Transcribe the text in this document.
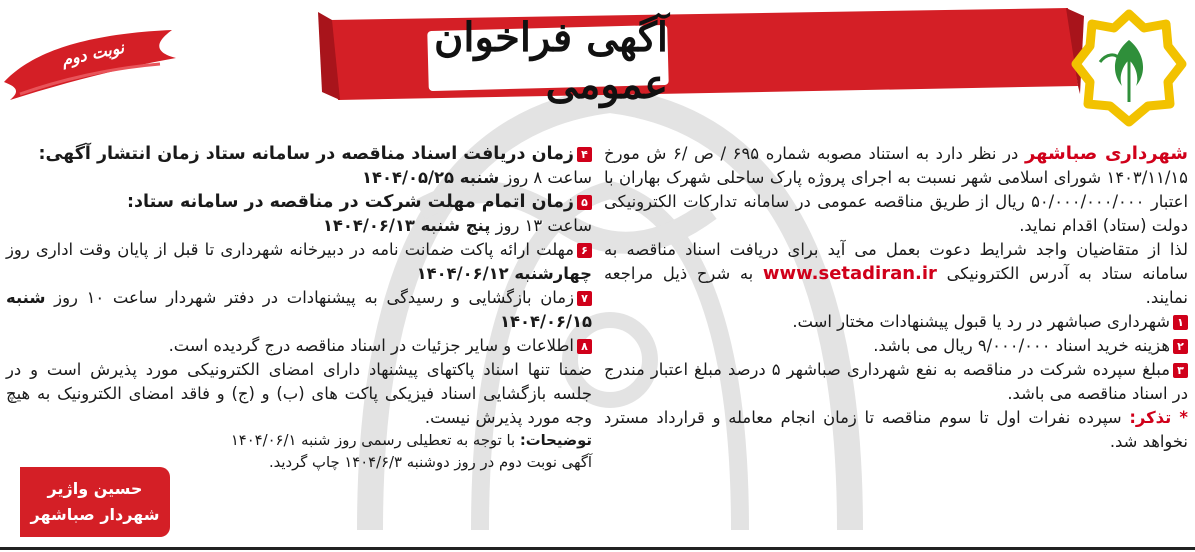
آگهی فراخوان عمومی
نوبت دوم

شهرداری صباشهر در نظر دارد به استناد مصوبه شماره ۶۹۵ / ص /۶ ش مورخ ۱۴۰۳/۱۱/۱۵ شورای اسلامی شهر نسبت به اجرای پروژه پارک ساحلی شهرک بهاران با اعتبار ۵۰/۰۰۰/۰۰۰/۰۰۰ ریال از طریق مناقصه عمومی در سامانه تدارکات الکترونیکی دولت (ستاد) اقدام نماید.

لذا از متقاضیان واجد شرایط دعوت بعمل می آید برای دریافت اسناد مناقصه به سامانه ستاد به آدرس الکترونیکی www.setadiran.ir به شرح ذیل مراجعه نمایند.

۱شهرداری صباشهر در رد یا قبول پیشنهادات مختار است.

۲هزینه خرید اسناد ۹/۰۰۰/۰۰۰ ریال می باشد.

۳مبلغ سپرده شرکت در مناقصه به نفع شهرداری صباشهر ۵ درصد مبلغ اعتبار مندرج در اسناد مناقصه می باشد.

* تذکر: سپرده نفرات اول تا سوم مناقصه تا زمان انجام معامله و قرارداد مسترد نخواهد شد.

۴زمان دریافت اسناد مناقصه در سامانه ستاد زمان انتشار آگهی:

ساعت ۸ روز شنبه ۱۴۰۴/۰۵/۲۵

۵زمان اتمام مهلت شرکت در مناقصه در سامانه ستاد:

ساعت ۱۳ روز پنج شنبه ۱۴۰۴/۰۶/۱۳

۶مهلت ارائه پاکت ضمانت نامه در دبیرخانه شهرداری تا قبل از پایان وقت اداری روز چهارشنبه ۱۴۰۴/۰۶/۱۲

۷زمان بازگشایی و رسیدگی به پیشنهادات در دفتر شهردار ساعت ۱۰ روز شنبه ۱۴۰۴/۰۶/۱۵

۸اطلاعات و سایر جزئیات در اسناد مناقصه درج گردیده است.

ضمنا تنها اسناد پاکتهای پیشنهاد دارای امضای الکترونیکی مورد پذیرش است و در جلسه بازگشایی اسناد فیزیکی پاکت های (ب) و (ج) و فاقد امضای الکترونیک به هیچ وجه مورد پذیرش نیست.

توضیحات: با توجه به تعطیلی رسمی روز شنبه ۱۴۰۴/۰۶/۱

آگهی نوبت دوم در روز دوشنبه ۱۴۰۴/۶/۳ چاپ گردید.

حسین واژیر
شهردار صباشهر
